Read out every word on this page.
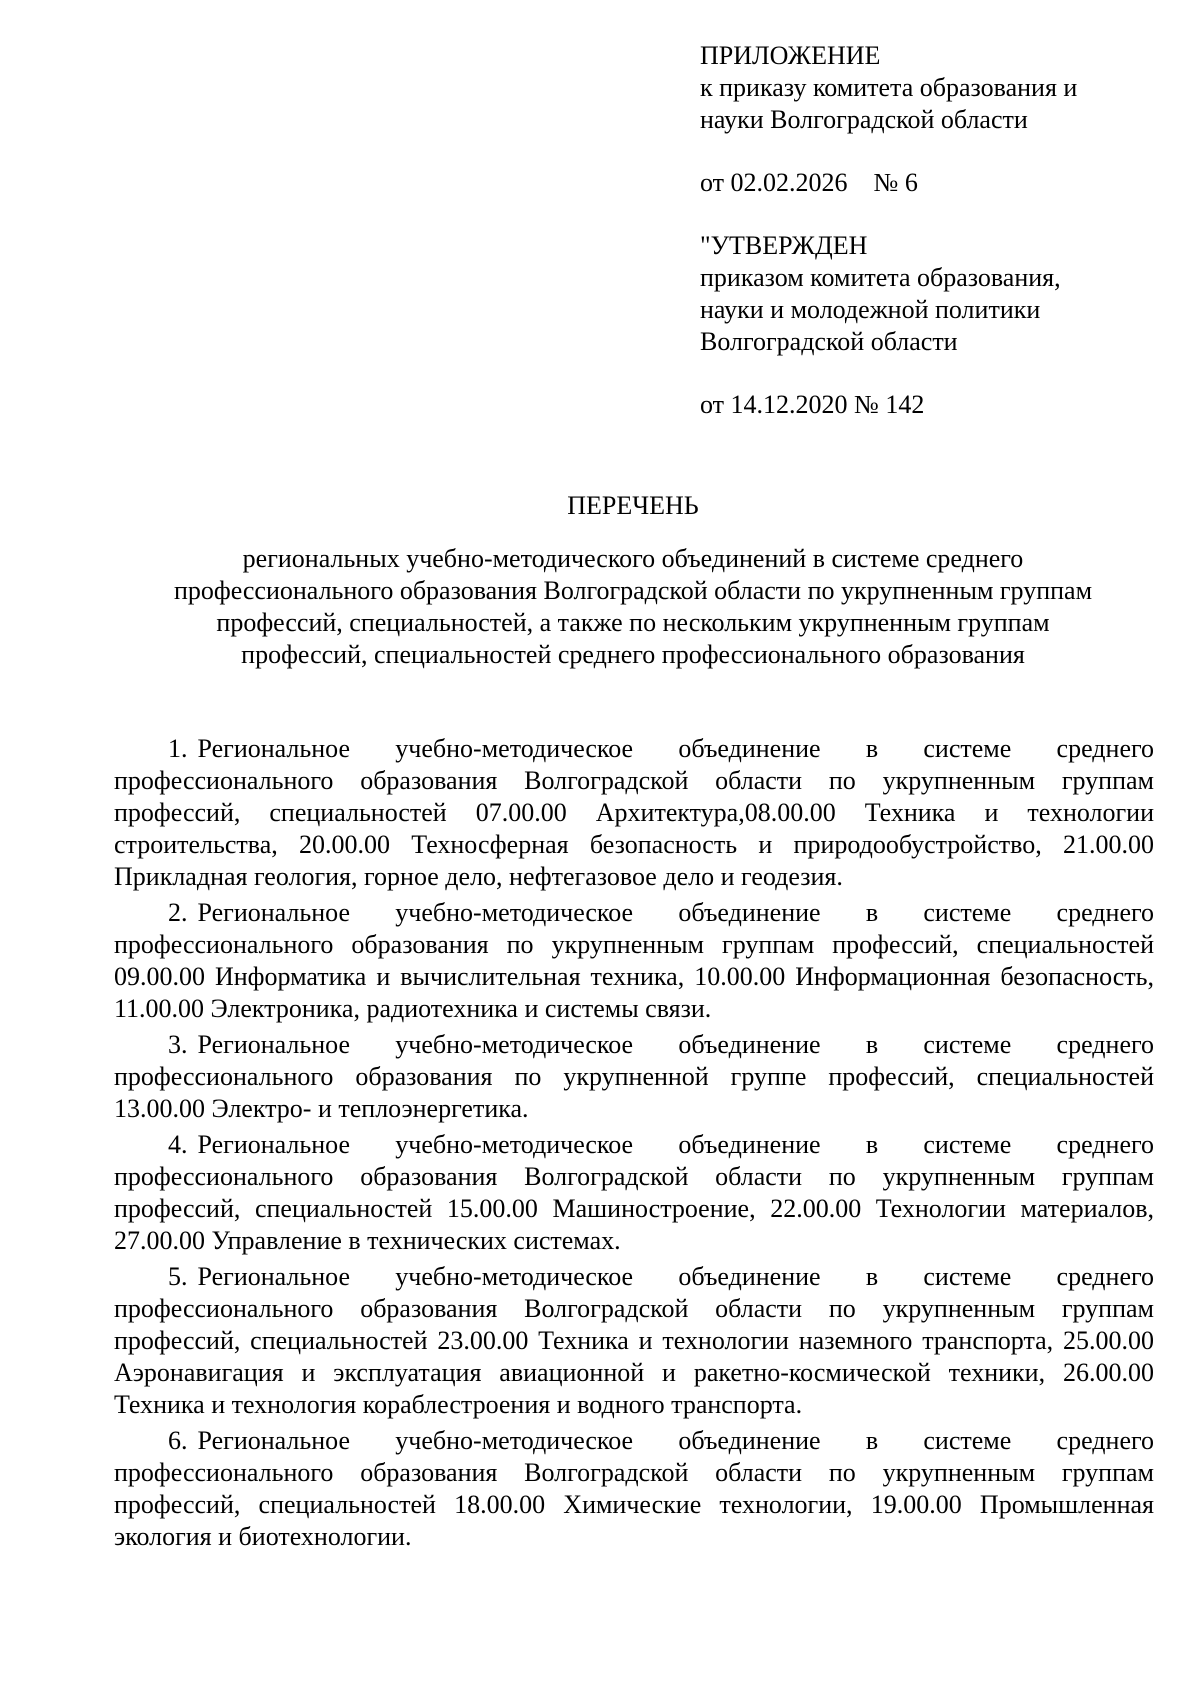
ПРИЛОЖЕНИЕ
к приказу комитета образования и
науки Волгоградской области
от 02.02.2026    № 6
"УТВЕРЖДЕН
приказом комитета образования,
науки и молодежной политики
Волгоградской области
от 14.12.2020 № 142
ПЕРЕЧЕНЬ
региональных учебно-методического объединений в системе среднего
профессионального образования Волгоградской области по укрупненным группам
профессий, специальностей, а также по нескольким укрупненным группам
профессий, специальностей среднего профессионального образования

1. Региональное учебно-методическое объединение в системе среднего профессионального образования Волгоградской области по укрупненным группам профессий, специальностей 07.00.00 Архитектура,08.00.00 Техника и технологии строительства, 20.00.00 Техносферная безопасность и природообустройство, 21.00.00 Прикладная геология, горное дело, нефтегазовое дело и геодезия.

2. Региональное учебно-методическое объединение в системе среднего профессионального образования по укрупненным группам профессий, специальностей 09.00.00 Информатика и вычислительная техника, 10.00.00 Информационная безопасность, 11.00.00 Электроника, радиотехника и системы связи.

3. Региональное учебно-методическое объединение в системе среднего профессионального образования по укрупненной группе профессий, специальностей 13.00.00 Электро- и теплоэнергетика.

4. Региональное учебно-методическое объединение в системе среднего профессионального образования Волгоградской области по укрупненным группам профессий, специальностей 15.00.00 Машиностроение, 22.00.00 Технологии материалов, 27.00.00 Управление в технических системах.

5. Региональное учебно-методическое объединение в системе среднего профессионального образования Волгоградской области по укрупненным группам профессий, специальностей 23.00.00 Техника и технологии наземного транспорта, 25.00.00 Аэронавигация и эксплуатация авиационной и ракетно-космической техники, 26.00.00 Техника и технология кораблестроения и водного транспорта.

6. Региональное учебно-методическое объединение в системе среднего профессионального образования Волгоградской области по укрупненным группам профессий, специальностей 18.00.00 Химические технологии, 19.00.00 Промышленная экология и биотехнологии.
